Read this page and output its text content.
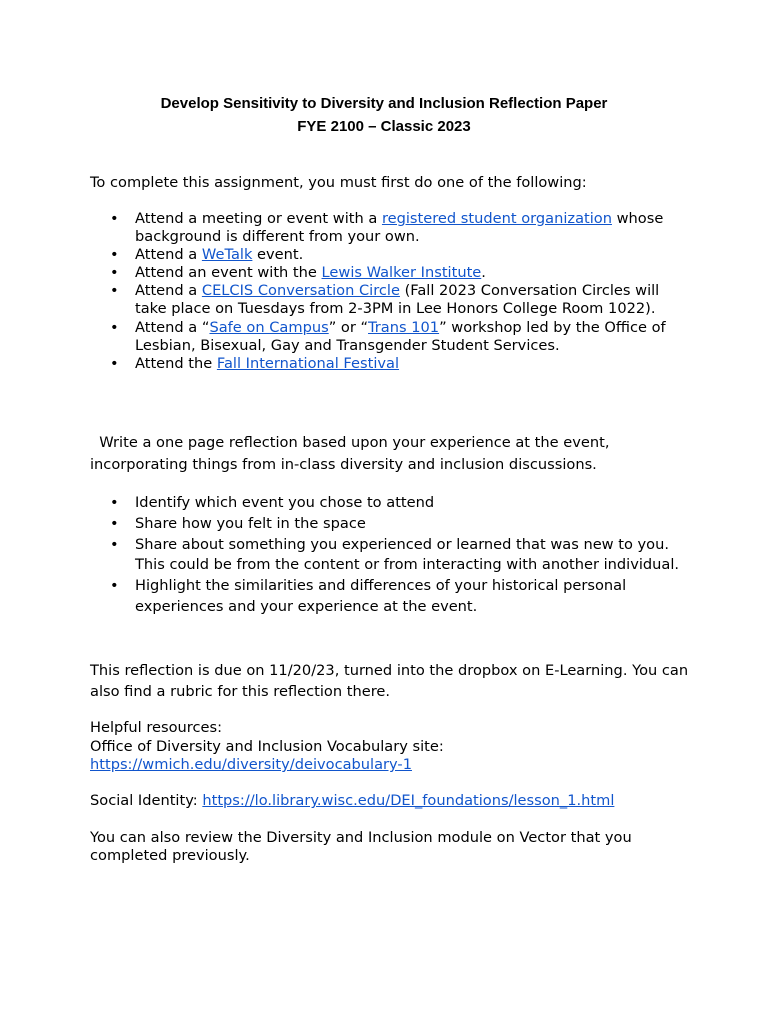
Develop Sensitivity to Diversity and Inclusion Reflection Paper
FYE 2100 – Classic 2023
To complete this assignment, you must first do one of the following:
• Attend a meeting or event with a registered student organization whose background is different from your own.
• Attend a WeTalk event.
• Attend an event with the Lewis Walker Institute.
• Attend a CELCIS Conversation Circle (Fall 2023 Conversation Circles will take place on Tuesdays from 2-3PM in Lee Honors College Room 1022).
• Attend a “Safe on Campus” or “Trans 101” workshop led by the Office of Lesbian, Bisexual, Gay and Transgender Student Services.
• Attend the Fall International Festival
Write a one page reflection based upon your experience at the event, incorporating things from in-class diversity and inclusion discussions.
• Identify which event you chose to attend
• Share how you felt in the space
• Share about something you experienced or learned that was new to you. This could be from the content or from interacting with another individual.
• Highlight the similarities and differences of your historical personal experiences and your experience at the event.
This reflection is due on 11/20/23, turned into the dropbox on E-Learning. You can also find a rubric for this reflection there.
Helpful resources:
Office of Diversity and Inclusion Vocabulary site:
https://wmich.edu/diversity/deivocabulary-1
Social Identity: https://lo.library.wisc.edu/DEI_foundations/lesson_1.html
You can also review the Diversity and Inclusion module on Vector that you completed previously.
